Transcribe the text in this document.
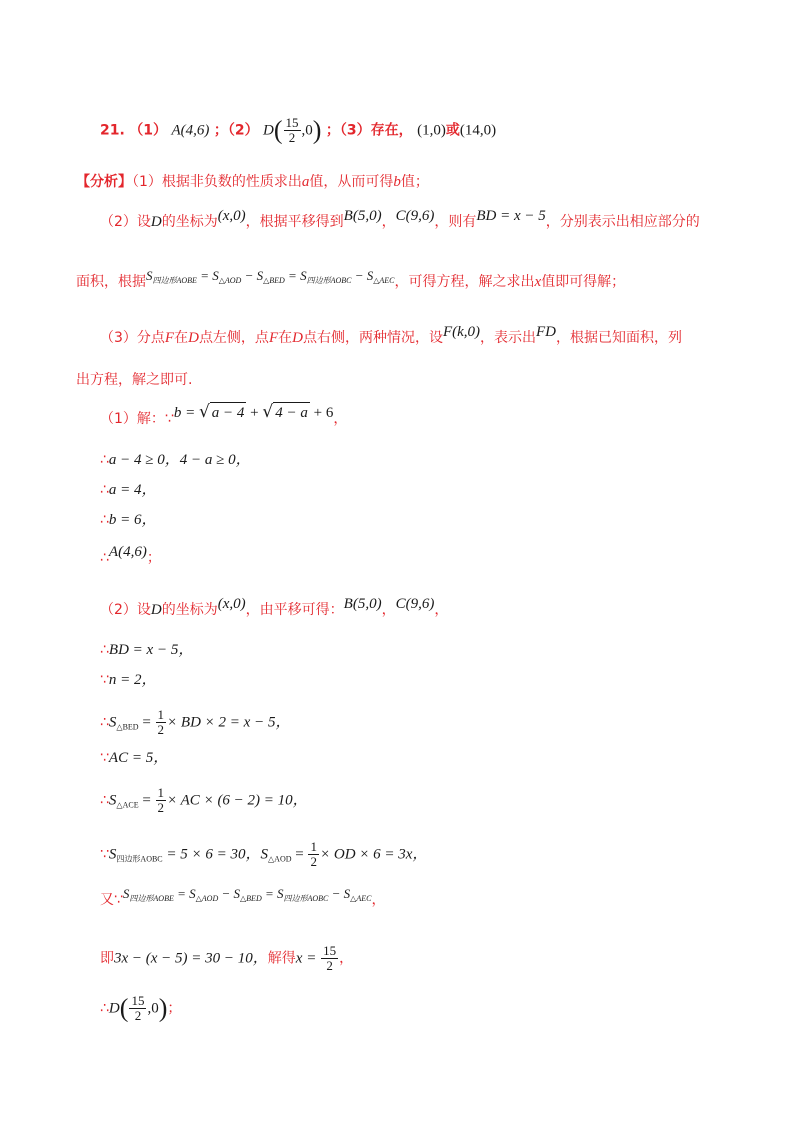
21. （1） A(4,6) ；（2） $D( \frac{15}{2} ,0)$ ；（3）存在， (1,0)或(14,0)
【分析】（1）根据非负数的性质求出a值，从而可得b值；
（2）设D的坐标为(x,0)，根据平移得到B(5,0)，C(9,6)，则有BD = x − 5，分别表示出相应部分的
面积，根据$S_{四边形AOBE} = S_{\triangle AOD} - S_{\triangle BED} = S_{四边形AOBC} - S_{\triangle AEC}$，可得方程，解之求出x值即可得解；
（3）分点F在D点左侧，点F在D点右侧，两种情况，设F(k,0)，表示出FD，根据已知面积，列
出方程，解之即可.
（1）解：∵b = √ a − 4 + √ 4 − a + 6，
∴a − 4 ≥ 0，4 − a ≥ 0，
∴a = 4，
∴b = 6，
∴A(4,6)；
（2）设D的坐标为(x,0)，由平移可得：B(5,0)，C(9,6)，
∴BD = x − 5，
∵n = 2，
$\therefore S_{\triangle BED} = \frac{1}{2}$ × BD × 2 = x − 5，
∵AC = 5，
$\therefore S_{\triangle ACE} = \frac{1}{2}$ × AC × (6 − 2) = 10，
$\because S_{四边形AOBC} = 5 \times 6 = 30$，$S_{\triangle AOD} = \frac{1}{2}$ × OD × 6 = 3x，
又$\because S_{四边形AOBE} = S_{\triangle AOD} - S_{\triangle BED} = S_{四边形AOBC} - S_{\triangle AEC}$，
即3x − (x − 5) = 30 − 10，解得$x = \frac{15}{2}$ ，
∴D( $\frac{15}{2} ,0$)；
